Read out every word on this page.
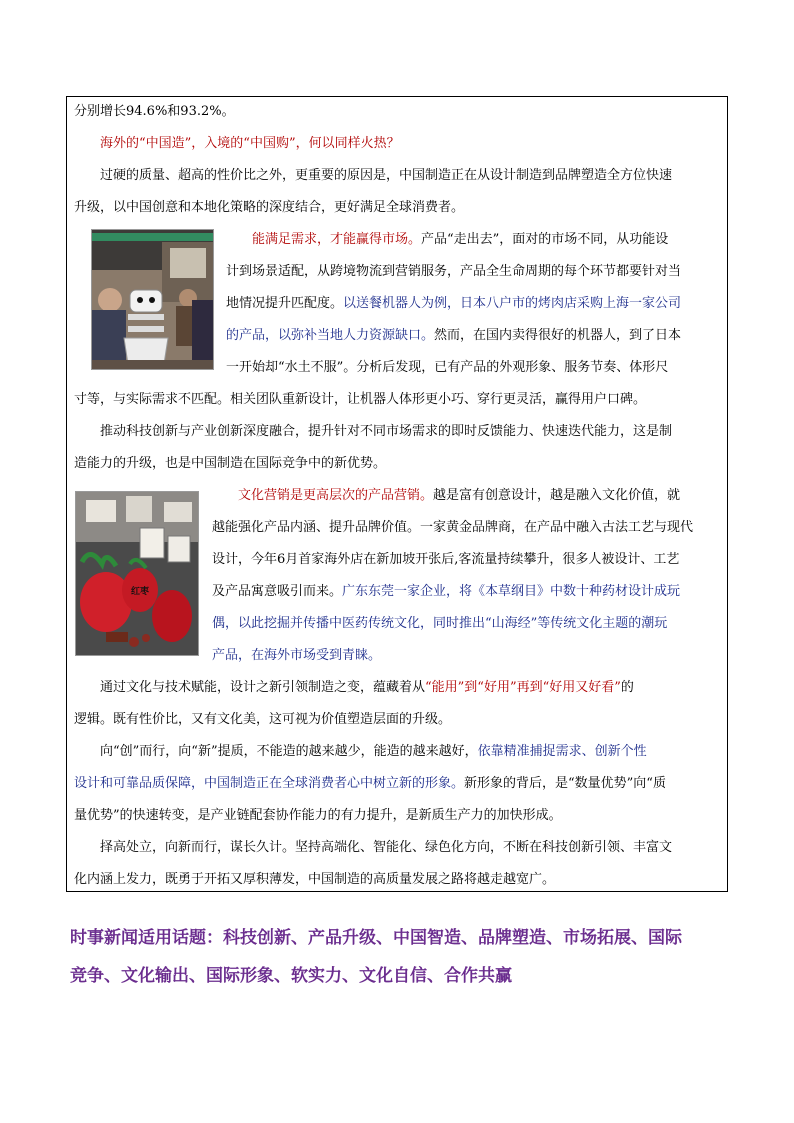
分别增长94.6%和93.2%。
海外的“中国造”，入境的“中国购”，何以同样火热？
过硬的质量、超高的性价比之外，更重要的原因是，中国制造正在从设计制造到品牌塑造全方位快速
升级，以中国创意和本地化策略的深度结合，更好满足全球消费者。
能满足需求，才能赢得市场。产品“走出去”，面对的市场不同，从功能设
计到场景适配，从跨境物流到营销服务，产品全生命周期的每个环节都要针对当
地情况提升匹配度。以送餐机器人为例，日本八户市的烤肉店采购上海一家公司
的产品，以弥补当地人力资源缺口。然而，在国内卖得很好的机器人，到了日本
一开始却“水土不服”。分析后发现，已有产品的外观形象、服务节奏、体形尺
寸等，与实际需求不匹配。相关团队重新设计，让机器人体形更小巧、穿行更灵活，赢得用户口碑。
推动科技创新与产业创新深度融合，提升针对不同市场需求的即时反馈能力、快速迭代能力，这是制
造能力的升级，也是中国制造在国际竞争中的新优势。
红枣
文化营销是更高层次的产品营销。越是富有创意设计，越是融入文化价值，就
越能强化产品内涵、提升品牌价值。一家黄金品牌商，在产品中融入古法工艺与现代
设计，今年6月首家海外店在新加坡开张后,客流量持续攀升，很多人被设计、工艺
及产品寓意吸引而来。广东东莞一家企业，将《本草纲目》中数十种药材设计成玩
偶，以此挖掘并传播中医药传统文化，同时推出“山海经”等传统文化主题的潮玩
产品，在海外市场受到青睐。
通过文化与技术赋能，设计之新引领制造之变，蕴藏着从“能用”到“好用”再到“好用又好看”的
逻辑。既有性价比，又有文化美，这可视为价值塑造层面的升级。
向“创”而行，向“新”提质，不能造的越来越少，能造的越来越好，依靠精准捕捉需求、创新个性
设计和可靠品质保障，中国制造正在全球消费者心中树立新的形象。新形象的背后，是“数量优势”向“质
量优势”的快速转变，是产业链配套协作能力的有力提升，是新质生产力的加快形成。
择高处立，向新而行，谋长久计。坚持高端化、智能化、绿色化方向，不断在科技创新引领、丰富文
化内涵上发力，既勇于开拓又厚积薄发，中国制造的高质量发展之路将越走越宽广。
时事新闻适用话题：科技创新、产品升级、中国智造、品牌塑造、市场拓展、国际
竞争、文化输出、国际形象、软实力、文化自信、合作共赢
